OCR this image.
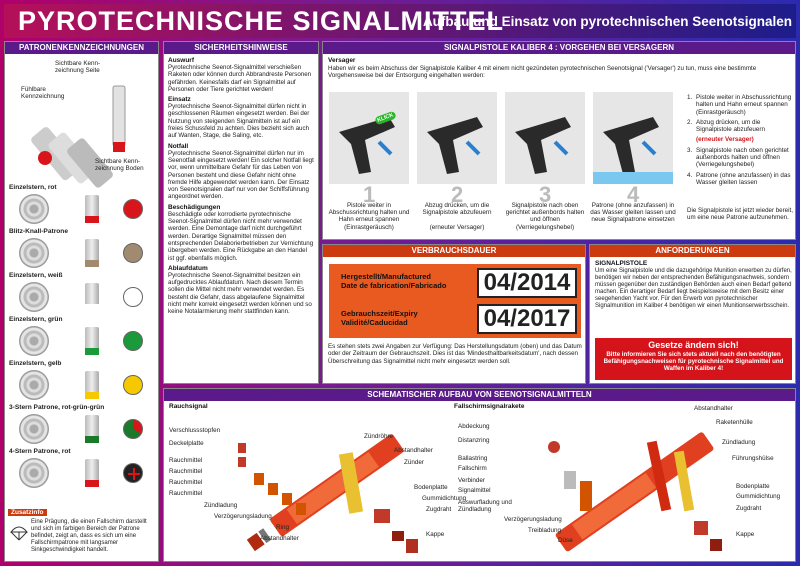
PYROTECHNISCHE SIGNALMITTEL
Aufbau und Einsatz von pyrotechnischen Seenotsignalen
PATRONENKENNZEICHNUNGEN
Sichtbare Kenn-
zeichnung Seite
Fühlbare
Kennzeichnung
Sichtbare Kenn-
zeichnung Boden
Einzelstern, rot
Blitz-Knall-Patrone
Einzelstern, weiß
Einzelstern, grün
Einzelstern, gelb
3-Stern Patrone, rot-grün-grün
4-Stern Patrone, rot
Zusatzinfo
Eine Prägung, die einen Fallschirm darstellt und sich im farbigen Bereich der Patrone befindet, zeigt an, dass es sich um eine Fallschirmpatrone mit langsamer Sinkgeschwindigkeit handelt.
SICHERHEITSHINWEISE
Auswurf
Pyrotechnische Seenot-Signalmittel verschießen Raketen oder können durch Abbrandreste Personen gefährden. Keinesfalls darf ein Signalmittel auf Personen oder Tiere gerichtet werden!
Einsatz
Pyrotechnische Seenot-Signalmittel dürfen nicht in geschlossenen Räumen eingesetzt werden. Bei der Nutzung von steigenden Signalmitteln ist auf ein freies Schussfeld zu achten. Dies bezieht sich auch auf Wanten, Stage, die Saling, etc.
Notfall
Pyrotechnische Seenot-Signalmittel dürfen nur im Seenotfall eingesetzt werden! Ein solcher Notfall liegt vor, wenn unmittelbare Gefahr für das Leben von Personen besteht und diese Gefahr nicht ohne fremde Hilfe abgewendet werden kann. Der Einsatz von Seenotsignalen darf nur von der Schiffsführung angeordnet werden.
Beschädigungen
Beschädigte oder korrodierte pyrotechnische Seenot-Signalmittel dürfen nicht mehr verwendet werden. Eine Demontage darf nicht durchgeführt werden. Derartige Signalmittel müssen den entsprechenden Delaborierbetrieben zur Vernichtung übergeben werden. Eine Rückgabe an den Handel ist ggf. ebenfalls möglich.
Ablaufdatum
Pyrotechnische Seenot-Signalmittel besitzen ein aufgedrucktes Ablaufdatum. Nach diesem Termin sollen die Mittel nicht mehr verwendet werden. Es besteht die Gefahr, dass abgelaufene Signalmittel nicht mehr korrekt eingesetzt werden können und so keine Notalarmierung mehr stattfinden kann.
SIGNALPISTOLE KALIBER 4 : VORGEHEN BEI VERSAGERN
Versager
Haben wir es beim Abschuss der Signalpistole Kaliber 4 mit einem nicht gezündeten pyrotechnischen Seenotsignal ('Versager') zu tun, muss eine bestimmte Vorgehensweise bei der Entsorgung eingehalten werden:
1
Pistole weiter in Abschussrichtung halten und Hahn erneut spannen (Einrastgeräusch)
2
Abzug drücken, um die Signalpistole abzufeuern
(erneuter Versager)
3
Signalpistole nach oben gerichtet außenbords halten und öffnen (Verriegelungshebel)
4
Patrone (ohne anzufassen) in das Wasser gleiten lassen und neue Signalpatrone einsetzen
KLICK
1. Pistole weiter in Abschussrichtung halten und Hahn erneut spannen (Einrastgeräusch)
2. Abzug drücken, um die Signalpistole abzufeuern
(erneuter Versager)
3. Signalpistole nach oben gerichtet außenbords halten und öffnen (Verriegelungshebel)
4. Patrone (ohne anzufassen) in das Wasser gleiten lassen
Die Signalpistole ist jetzt wieder bereit, um eine neue Patrone aufzunehmen.
VERBRAUCHSDAUER
Hergestellt/Manufactured
Date de fabrication/Fabricado 04/2014
Gebrauchszeit/Expiry
Validité/Caducidad	04/2017
Es stehen stets zwei Angaben zur Verfügung: Das Herstellungsdatum (oben) und das Datum oder der Zeitraum der Gebrauchszeit. Dies ist das 'Mindesthaltbarkeitsdatum', nach dessen Überschreitung das Signalmittel nicht mehr eingesetzt werden soll.
ANFORDERUNGEN
SIGNALPISTOLE
Um eine Signalpistole und die dazugehörige Munition erwerben zu dürfen, benötigen wir neben der entsprechenden Befähigungsnachweis, sondern müssen gegenüber den zuständigen Behörden auch einen Bedarf geltend machen. Ein derartiger Bedarf liegt beispielsweise mit dem Besitz einer seegehenden Yacht vor. Für den Erwerb von pyrotechnischer Signalmunition im Kaliber 4 benötigen wir einen Munitionserwerbsschein.
Gesetze ändern sich!
Bitte informieren Sie sich stets aktuell nach den benötigten Befähigungsnachweisen für pyrotechnische Signalmittel und Waffen im Kaliber 4!
SCHEMATISCHER AUFBAU VON SEENOTSIGNALMITTELN
Rauchsignal	Fallschirmsignalrakete
Verschlussstopfen
Deckelplatte
Rauchmittel
Rauchmittel
Rauchmittel
Rauchmittel
Zündladung
Verzögerungsladung
Ring
Abstandhalter
Zündröhre
Abstandhalter
Zünder
Bodenplatte
Gummidichtung
Zugdraht
Kappe
Abdeckung
Distanzring
Ballastring
Fallschirm
Verbinder
Signalmittel
Auswurfladung und Zündladung
Verzögerungsladung
Treibladung
Düse
Abstandhalter
Raketenhülle
Zündladung
Führungshülse
Bodenplatte
Gummidichtung
Zugdraht
Kappe
